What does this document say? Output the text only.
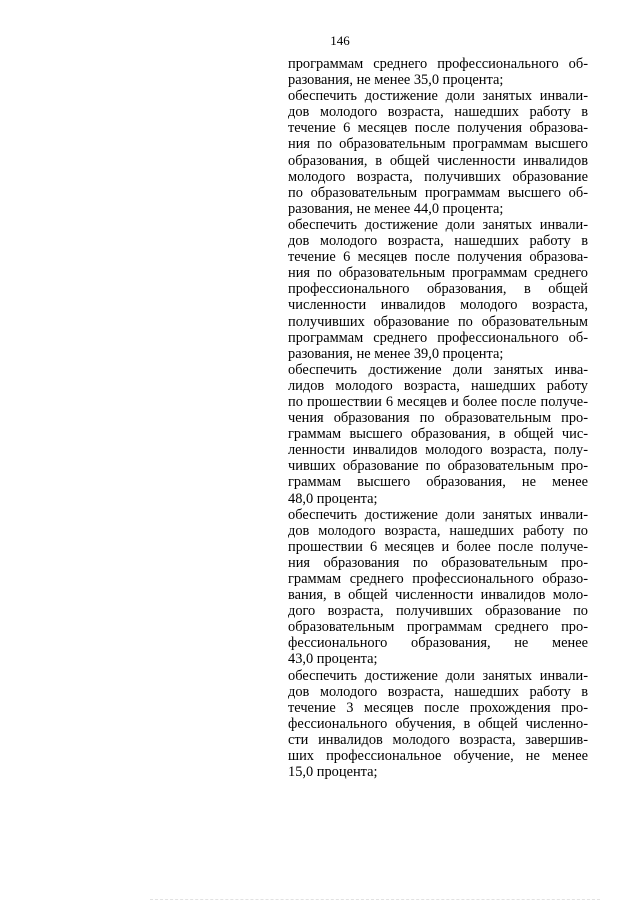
146
программам среднего профессионального об-
разования, не менее 35,0 процента;
обеспечить достижение доли занятых инвали-
дов молодого возраста, нашедших работу в
течение 6 месяцев после получения образова-
ния по образовательным программам высшего
образования, в общей численности инвалидов
молодого возраста, получивших образование
по образовательным программам высшего об-
разования, не менее 44,0 процента;
обеспечить достижение доли занятых инвали-
дов молодого возраста, нашедших работу в
течение 6 месяцев после получения образова-
ния по образовательным программам среднего
профессионального образования, в общей
численности инвалидов молодого возраста,
получивших образование по образовательным
программам среднего профессионального об-
разования, не менее 39,0 процента;
обеспечить достижение доли занятых инва-
лидов молодого возраста, нашедших работу
по прошествии 6 месяцев и более после получе-
чения образования по образовательным про-
граммам высшего образования, в общей чис-
ленности инвалидов молодого возраста, полу-
чивших образование по образовательным про-
граммам высшего образования, не менее
48,0 процента;
обеспечить достижение доли занятых инвали-
дов молодого возраста, нашедших работу по
прошествии 6 месяцев и более после получе-
ния образования по образовательным про-
граммам среднего профессионального образо-
вания, в общей численности инвалидов моло-
дого возраста, получивших образование по
образовательным программам среднего про-
фессионального образования, не менее
43,0 процента;
обеспечить достижение доли занятых инвали-
дов молодого возраста, нашедших работу в
течение 3 месяцев после прохождения про-
фессионального обучения, в общей численно-
сти инвалидов молодого возраста, завершив-
ших профессиональное обучение, не менее
15,0 процента;
